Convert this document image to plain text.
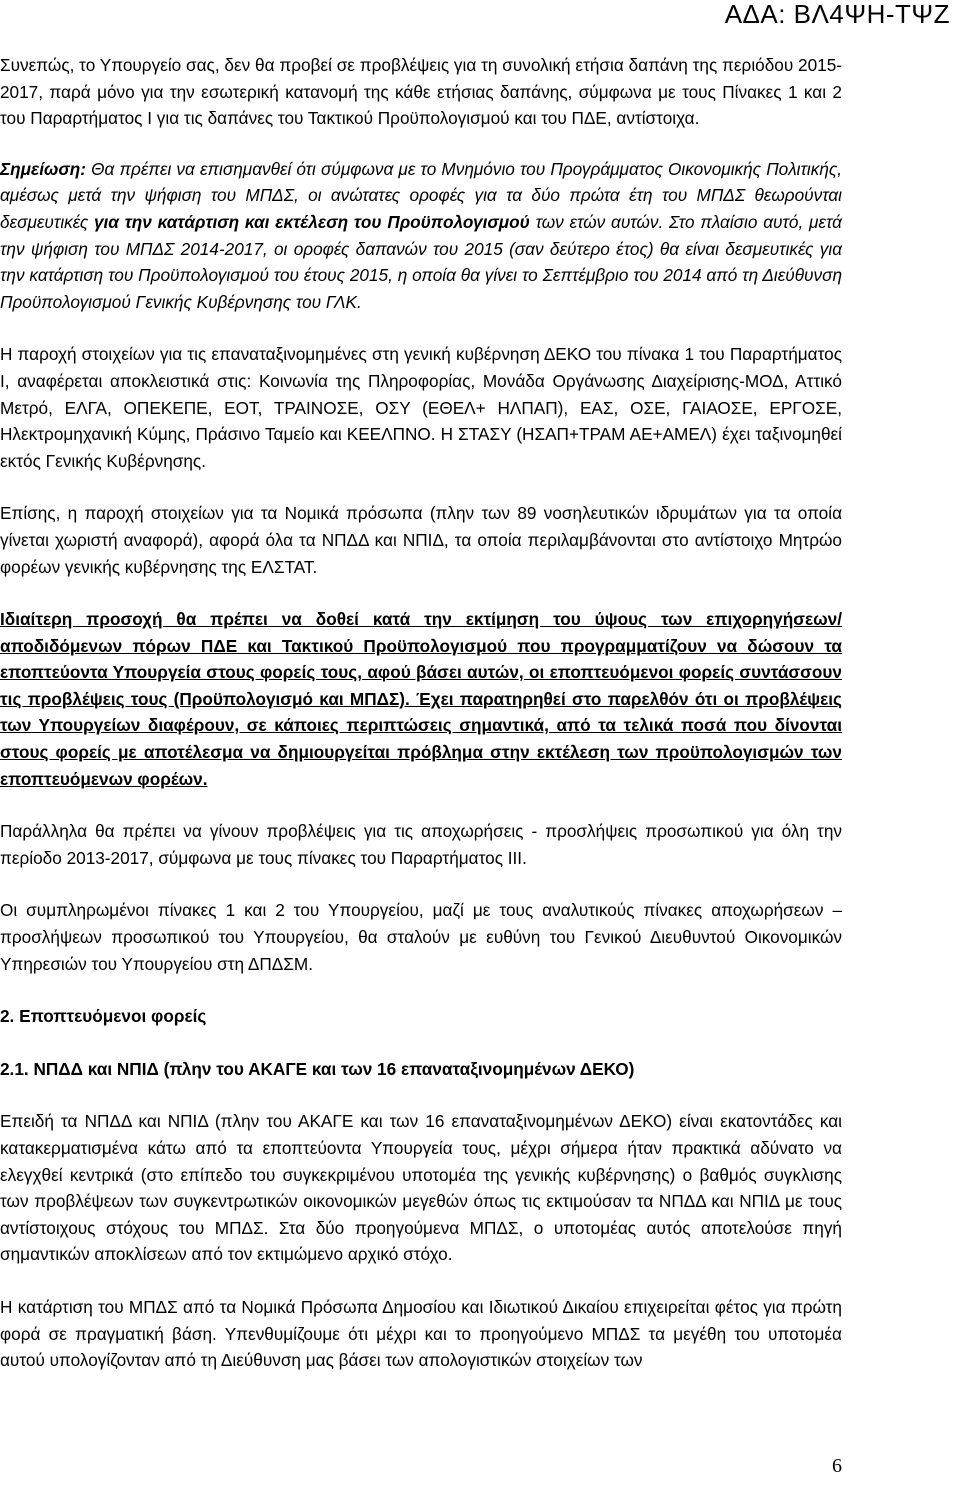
ΑΔΑ: ΒΛ4ΨΗ-ΤΨΖ

Συνεπώς, το Υπουργείο σας, δεν θα προβεί σε προβλέψεις για τη συνολική ετήσια δαπάνη της περιόδου 2015-2017, παρά μόνο για την εσωτερική κατανομή της κάθε ετήσιας δαπάνης, σύμφωνα με τους Πίνακες 1 και 2 του Παραρτήματος Ι για τις δαπάνες του Τακτικού Προϋπολογισμού και του ΠΔΕ, αντίστοιχα.

Σημείωση: Θα πρέπει να επισημανθεί ότι σύμφωνα με το Μνημόνιο του Προγράμματος Οικονομικής Πολιτικής, αμέσως μετά την ψήφιση του ΜΠΔΣ, οι ανώτατες οροφές για τα δύο πρώτα έτη του ΜΠΔΣ θεωρούνται δεσμευτικές για την κατάρτιση και εκτέλεση του Προϋπολογισμού των ετών αυτών. Στο πλαίσιο αυτό, μετά την ψήφιση του ΜΠΔΣ 2014-2017, οι οροφές δαπανών του 2015 (σαν δεύτερο έτος) θα είναι δεσμευτικές για την κατάρτιση του Προϋπολογισμού του έτους 2015, η οποία θα γίνει το Σεπτέμβριο του 2014 από τη Διεύθυνση Προϋπολογισμού Γενικής Κυβέρνησης του ΓΛΚ.

Η παροχή στοιχείων για τις επαναταξινομημένες στη γενική κυβέρνηση ΔΕΚΟ του πίνακα 1 του Παραρτήματος Ι, αναφέρεται αποκλειστικά στις: Κοινωνία της Πληροφορίας, Μονάδα Οργάνωσης Διαχείρισης-ΜΟΔ, Αττικό Μετρό, ΕΛΓΑ, ΟΠΕΚΕΠΕ, ΕΟΤ, ΤΡΑΙΝΟΣΕ, ΟΣΥ (ΕΘΕΛ+ ΗΛΠΑΠ), ΕΑΣ, ΟΣΕ, ΓΑΙΑΟΣΕ, ΕΡΓΟΣΕ, Ηλεκτρομηχανική Κύμης, Πράσινο Ταμείο και ΚΕΕΛΠΝΟ. Η ΣΤΑΣΥ (ΗΣΑΠ+ΤΡΑΜ ΑΕ+ΑΜΕΛ) έχει ταξινομηθεί εκτός Γενικής Κυβέρνησης.

Επίσης, η παροχή στοιχείων για τα Νομικά πρόσωπα (πλην των 89 νοσηλευτικών ιδρυμάτων για τα οποία γίνεται χωριστή αναφορά), αφορά όλα τα ΝΠΔΔ και ΝΠΙΔ, τα οποία περιλαμβάνονται στο αντίστοιχο Μητρώο φορέων γενικής κυβέρνησης της ΕΛΣΤΑΤ.

Ιδιαίτερη προσοχή θα πρέπει να δοθεί κατά την εκτίμηση του ύψους των επιχορηγήσεων/αποδιδόμενων πόρων ΠΔΕ και Τακτικού Προϋπολογισμού που προγραμματίζουν να δώσουν τα εποπτεύοντα Υπουργεία στους φορείς τους, αφού βάσει αυτών, οι εποπτευόμενοι φορείς συντάσσουν τις προβλέψεις τους (Προϋπολογισμό και ΜΠΔΣ). Έχει παρατηρηθεί στο παρελθόν ότι οι προβλέψεις των Υπουργείων διαφέρουν, σε κάποιες περιπτώσεις σημαντικά, από τα τελικά ποσά που δίνονται στους φορείς με αποτέλεσμα να δημιουργείται πρόβλημα στην εκτέλεση των προϋπολογισμών των εποπτευόμενων φορέων.

Παράλληλα θα πρέπει να γίνουν προβλέψεις για τις αποχωρήσεις - προσλήψεις προσωπικού για όλη την περίοδο 2013-2017, σύμφωνα με τους πίνακες του Παραρτήματος ΙΙΙ.

Οι συμπληρωμένοι πίνακες 1 και 2 του Υπουργείου, μαζί με τους αναλυτικούς πίνακες αποχωρήσεων – προσλήψεων προσωπικού του Υπουργείου, θα σταλούν με ευθύνη του Γενικού Διευθυντού Οικονομικών Υπηρεσιών του Υπουργείου στη ΔΠΔΣΜ.

2. Εποπτευόμενοι φορείς

2.1. ΝΠΔΔ και ΝΠΙΔ (πλην του ΑΚΑΓΕ και των 16 επαναταξινομημένων ΔΕΚΟ)

Επειδή τα ΝΠΔΔ και ΝΠΙΔ (πλην του ΑΚΑΓΕ και των 16 επαναταξινομημένων ΔΕΚΟ) είναι εκατοντάδες και κατακερματισμένα κάτω από τα εποπτεύοντα Υπουργεία τους, μέχρι σήμερα ήταν πρακτικά αδύνατο να ελεγχθεί κεντρικά (στο επίπεδο του συγκεκριμένου υποτομέα της γενικής κυβέρνησης) ο βαθμός συγκλισης των προβλέψεων των συγκεντρωτικών οικονομικών μεγεθών όπως τις εκτιμούσαν τα ΝΠΔΔ και ΝΠΙΔ με τους αντίστοιχους στόχους του ΜΠΔΣ. Στα δύο προηγούμενα ΜΠΔΣ, ο υποτομέας αυτός αποτελούσε πηγή σημαντικών αποκλίσεων από τον εκτιμώμενο αρχικό στόχο.

Η κατάρτιση του ΜΠΔΣ από τα Νομικά Πρόσωπα Δημοσίου και Ιδιωτικού Δικαίου επιχειρείται φέτος για πρώτη φορά σε πραγματική βάση. Υπενθυμίζουμε ότι μέχρι και το προηγούμενο ΜΠΔΣ τα μεγέθη του υποτομέα αυτού υπολογίζονταν από τη Διεύθυνση μας βάσει των απολογιστικών στοιχείων των

6
